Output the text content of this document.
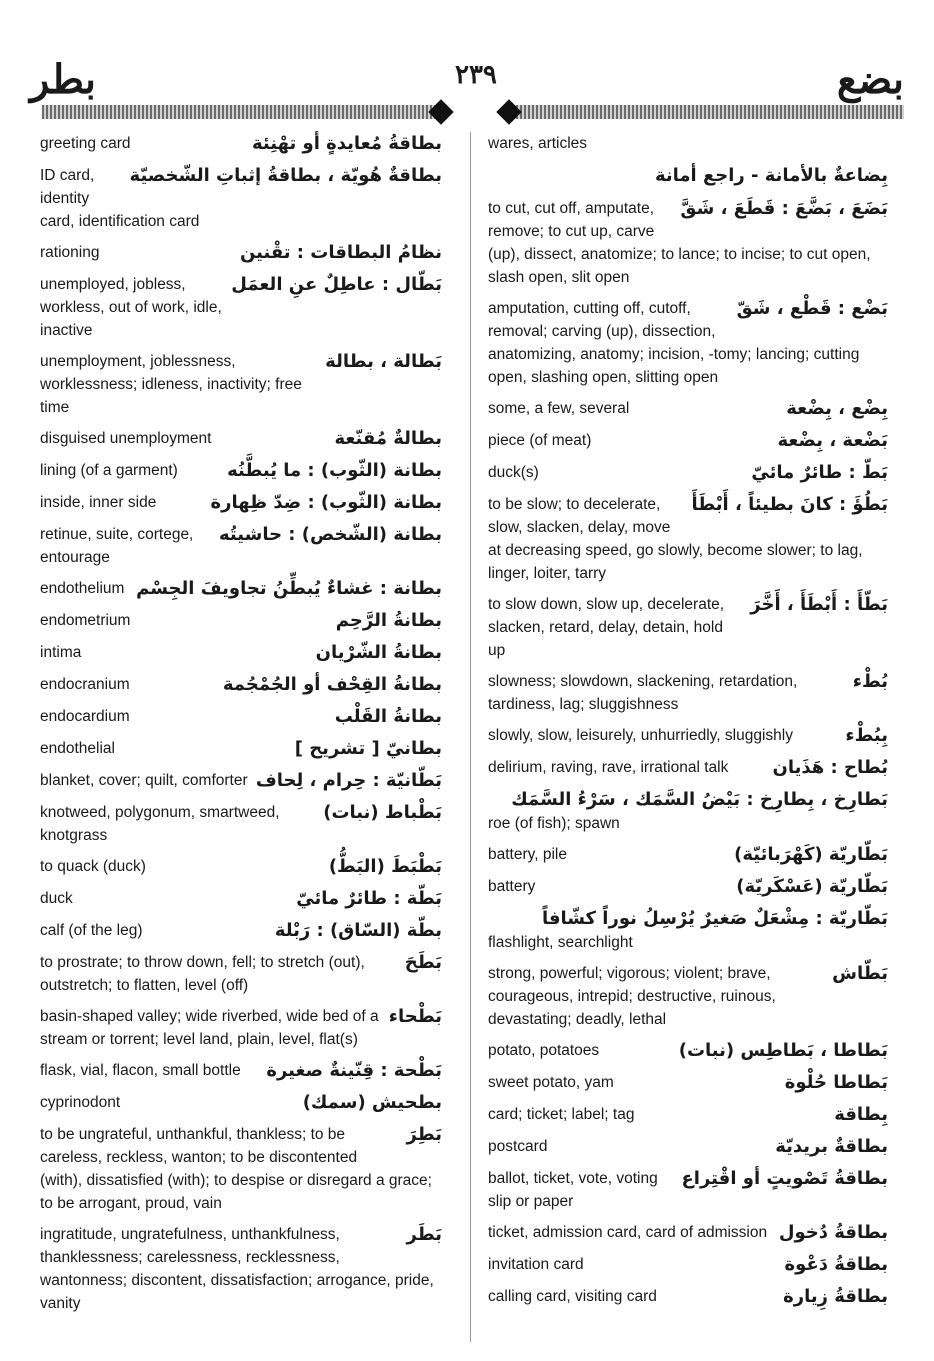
بطر	٢٣٩	بضع
بطاقةُ مُعايدةٍ أو تهْنِئة
greeting card
بطاقةٌ هُويّة ، بطاقةُ إثباتِ الشّخصيّة
ID card, identity card, identification card
نظامُ البطاقات : تقْنين
rationing
بَطّال : عاطِلٌ عنِ العمَل
unemployed, jobless, workless, out of work, idle, inactive
بَطالة ، بطالة
unemployment, joblessness, worklessness; idleness, inactivity; free time
بطالةٌ مُقنّعة
disguised unemployment
بطانة (الثّوب) : ما يُبطَّنُه
lining (of a garment)
بطانة (الثّوب) : ضِدّ ظِهارة
inside, inner side
بطانة (الشّخص) : حاشيتُه
retinue, suite, cortege, entourage
بطانة : غشاءٌ يُبطِّنُ تجاويفَ الجِسْم
endothelium
بطانةُ الرَّحِم
endometrium
بطانةُ الشّرْيان
intima
بطانةُ القِحْف أو الجُمْجُمة
endocranium
بطانةُ القَلْب
endocardium
بطانيّ [ تشريح ]
endothelial
بَطّانيّة : حِرام ، لِحاف
blanket, cover; quilt, comforter
بَطْباط (نبات)
knotweed, polygonum, smartweed, knotgrass
بَطْبَطَ (البَطُّ)
to quack (duck)
بَطّة : طائرٌ مائيّ
duck
بطّة (السّاق) : رَبْلة
calf (of the leg)
بَطَحَ
to prostrate; to throw down, fell; to stretch (out), outstretch; to flatten, level (off)
بَطْحاء
basin-shaped valley; wide riverbed, wide bed of a stream or torrent; level land, plain, level, flat(s)
بَطْحة : قِنّينةٌ صغيرة
flask, vial, flacon, small bottle
بطحيش (سمك)
cyprinodont
بَطِرَ
to be ungrateful, unthankful, thankless; to be careless, reckless, wanton; to be discontented (with), dissatisfied (with); to despise or disregard a grace; to be arrogant, proud, vain
بَطَر
ingratitude, ungratefulness, unthankfulness, thanklessness; carelessness, recklessness, wantonness; discontent, dissatisfaction; arrogance, pride, vanity
wares, articles
بِضاعةٌ بالأمانة - راجع أمانة
بَضَعَ ، بَضَّعَ : قَطَعَ ، شَقَّ
to cut, cut off, amputate, remove; to cut up, carve (up), dissect, anatomize; to lance; to incise; to cut open, slash open, slit open
بَضْع : قَطْع ، شَقّ
amputation, cutting off, cutoff, removal; carving (up), dissection, anatomizing, anatomy; incision, -tomy; lancing; cutting open, slashing open, slitting open
بِضْع ، بِضْعة
some, a few, several
بَضْعة ، بِضْعة
piece (of meat)
بَطّ : طائرٌ مائيّ
duck(s)
بَطُؤَ : كانَ بطيئاً ، أَبْطَأَ
to be slow; to decelerate, slow, slacken, delay, move at decreasing speed, go slowly, become slower; to lag, linger, loiter, tarry
بَطّأَ : أَبْطَأَ ، أَخَّرَ
to slow down, slow up, decelerate, slacken, retard, delay, detain, hold up
بُطْء
slowness; slowdown, slackening, retardation, tardiness, lag; sluggishness
بِبُطْء
slowly, slow, leisurely, unhurriedly, sluggishly
بُطاح : هَذَيان
delirium, raving, rave, irrational talk
بَطارِخ ، بِطارِخ : بَيْضُ السَّمَك ، سَرْءُ السَّمَك
roe (of fish); spawn
بَطّاريّة (كَهْرَبائيّة)
battery, pile
بَطّاريّة (عَسْكَريّة)
battery
بَطّاريّة : مِشْعَلٌ صَغيرٌ يُرْسِلُ نوراً كشّافاً
flashlight, searchlight
بَطّاش
strong, powerful; vigorous; violent; brave, courageous, intrepid; destructive, ruinous, devastating; deadly, lethal
بَطاطا ، بَطاطِس (نبات)
potato, potatoes
بَطاطا حُلْوة
sweet potato, yam
بِطاقة
card; ticket; label; tag
بطاقةٌ بريديّة
postcard
بطاقةُ تَصْويتٍ أو اقْتِراع
ballot, ticket, vote, voting slip or paper
بطاقةُ دُخول
ticket, admission card, card of admission
بطاقةُ دَعْوة
invitation card
بطاقةُ زِيارة
calling card, visiting card
